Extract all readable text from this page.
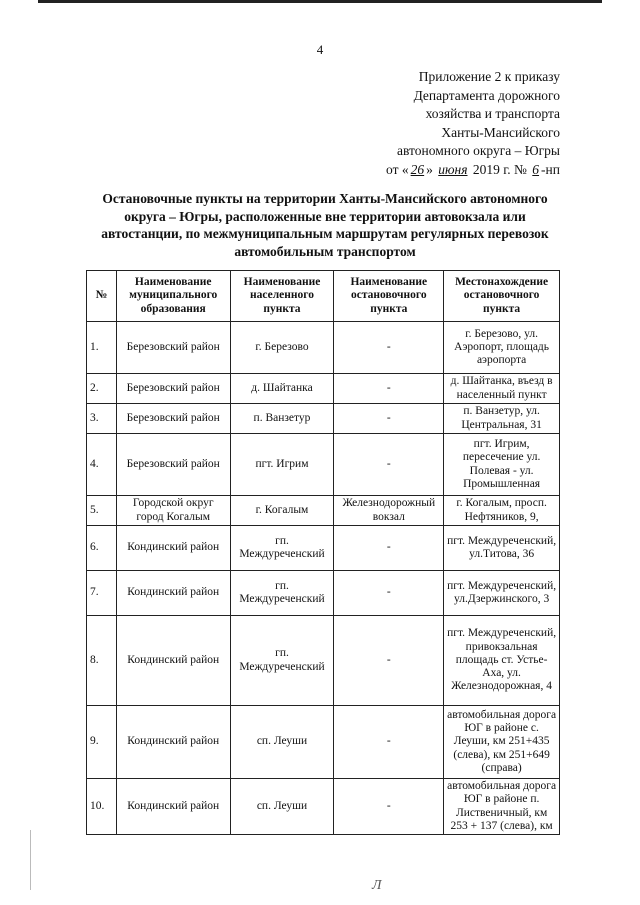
4
Приложение 2 к приказу
Департамента дорожного
хозяйства и транспорта
Ханты-Мансийского
автономного округа – Югры
от « 26 » июня 2019 г. № 6 -нп
Остановочные пункты на территории Ханты-Мансийского автономного округа – Югры, расположенные вне территории автовокзала или автостанции, по межмуниципальным маршрутам регулярных перевозок автомобильным транспортом
№	Наименование муниципального образования	Наименование населенного пункта	Наименование остановочного пункта	Местонахождение остановочного пункта
1.	Березовский район	г. Березово	-	г. Березово, ул. Аэропорт, площадь аэропорта
2.	Березовский район	д. Шайтанка	-	д. Шайтанка, въезд в населенный пункт
3.	Березовский район	п. Ванзетур	-	п. Ванзетур, ул. Центральная, 31
4.	Березовский район	пгт. Игрим	-	пгт. Игрим, пересечение ул. Полевая - ул. Промышленная
5.	Городской округ город Когалым	г. Когалым	Железнодорожный вокзал	г. Когалым, просп. Нефтяников, 9,
6.	Кондинский район	гп. Междуреченский	-	пгт. Междуреченский, ул.Титова, 36
7.	Кондинский район	гп. Междуреченский	-	пгт. Междуреченский, ул.Дзержинского, 3
8.	Кондинский район	гп. Междуреченский	-	пгт. Междуреченский, привокзальная площадь ст. Устье-Аха, ул. Железнодорожная, 4
9.	Кондинский район	сп. Леуши	-	автомобильная дорога ЮГ в районе с. Леуши, км 251+435 (слева), км 251+649 (справа)
10.	Кондинский район	сп. Леуши	-	автомобильная дорога ЮГ в районе п. Лиственичный, км 253 + 137 (слева), км
Л
